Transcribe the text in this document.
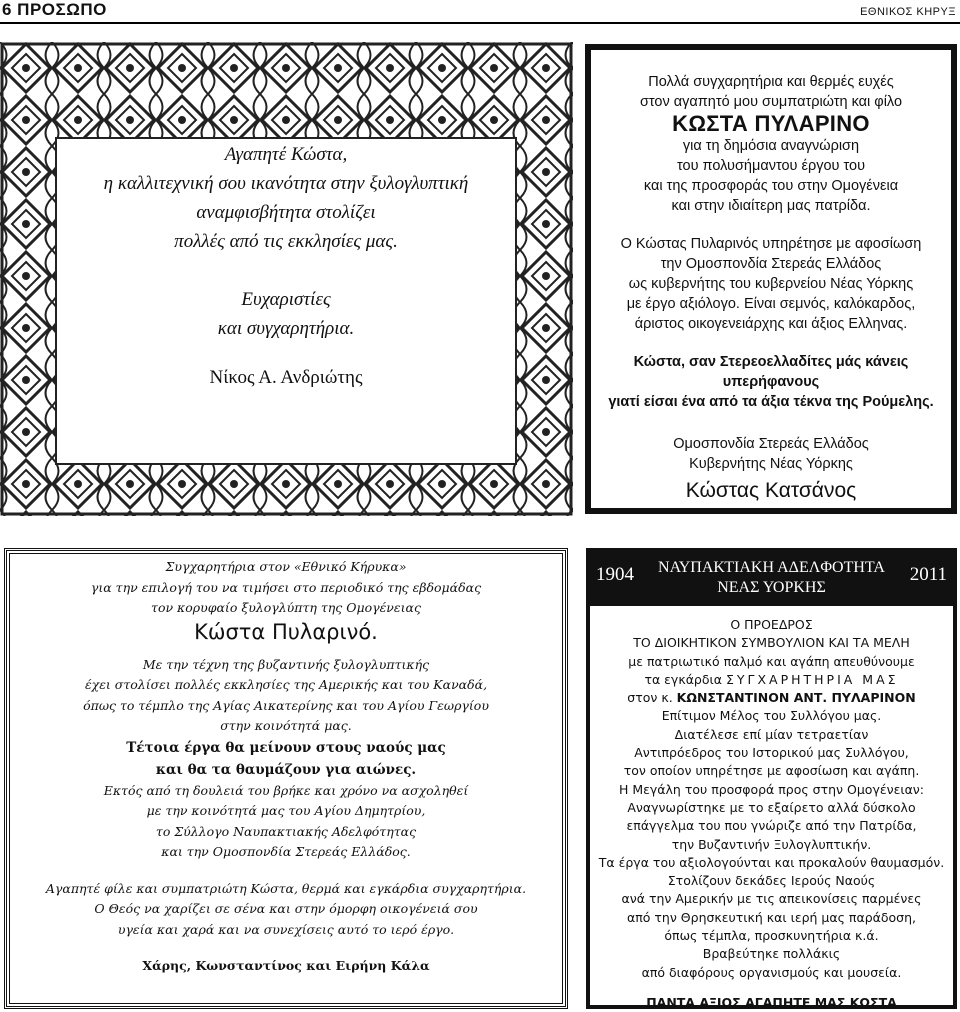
6 ΠΡΟΣΩΠΟ	ΕΘΝΙΚΟΣ ΚΗΡΥΞ
Αγαπητέ Κώστα,
η καλλιτεχνική σου ικανότητα στην ξυλογλυπτική
αναμφισβήτητα στολίζει
πολλές από τις εκκλησίες μας.
Ευχαριστίες
και συγχαρητήρια.
Νίκος Α. Ανδριώτης
Πολλά συγχαρητήρια και θερμές ευχές
στον αγαπητό μου συμπατριώτη και φίλο
ΚΩΣΤΑ ΠΥΛΑΡΙΝΟ
για τη δημόσια αναγνώριση
του πολυσήμαντου έργου του
και της προσφοράς του στην Ομογένεια
και στην ιδιαίτερη μας πατρίδα.
Ο Κώστας Πυλαρινός υπηρέτησε με αφοσίωση
την Ομοσπονδία Στερεάς Ελλάδος
ως κυβερνήτης του κυβερνείου Νέας Υόρκης
με έργο αξιόλογο. Είναι σεμνός, καλόκαρδος,
άριστος οικογενειάρχης και άξιος Ελληνας.
Κώστα, σαν Στερεοελλαδίτες μάς κάνεις υπερήφανους
γιατί είσαι ένα από τα άξια τέκνα της Ρούμελης.
Ομοσπονδία Στερεάς Ελλάδος
Κυβερνήτης Νέας Υόρκης
Κώστας Κατσάνος
Συγχαρητήρια στον «Εθνικό Κήρυκα»
για την επιλογή του να τιμήσει στο περιοδικό της εβδομάδας
τον κορυφαίο ξυλογλύπτη της Ομογένειας
Κώστα Πυλαρινό.
Με την τέχνη της βυζαντινής ξυλογλυπτικής
έχει στολίσει πολλές εκκλησίες της Αμερικής και του Καναδά,
όπως το τέμπλο της Αγίας Αικατερίνης και του Αγίου Γεωργίου
στην κοινότητά μας.
Τέτοια έργα θα μείνουν στους ναούς μας
και θα τα θαυμάζουν για αιώνες.
Εκτός από τη δουλειά του βρήκε και χρόνο να ασχοληθεί
με την κοινότητά μας του Αγίου Δημητρίου,
το Σύλλογο Ναυπακτιακής Αδελφότητας
και την Ομοσπονδία Στερεάς Ελλάδος.
Αγαπητέ φίλε και συμπατριώτη Κώστα, θερμά και εγκάρδια συγχαρητήρια.
Ο Θεός να χαρίζει σε σένα και στην όμορφη οικογένειά σου
υγεία και χαρά και να συνεχίσεις αυτό το ιερό έργο.
Χάρης, Κωνσταντίνος και Ειρήνη Κάλα
1904	ΝΑΥΠΑΚΤΙΑΚΗ ΑΔΕΛΦΟΤΗΤΑ
ΝΕΑΣ ΥΟΡΚΗΣ
2011
Ο ΠΡΟΕΔΡΟΣ
ΤΟ ΔΙΟΙΚΗΤΙΚΟΝ ΣΥΜΒΟΥΛΙΟΝ ΚΑΙ ΤΑ ΜΕΛΗ
με πατριωτικό παλμό και αγάπη απευθύνουμε
τα εγκάρδια ΣΥΓΧΑΡΗΤΗΡΙΑ ΜΑΣ
στον κ. ΚΩΝΣΤΑΝΤΙΝΟΝ ΑΝΤ. ΠΥΛΑΡΙΝΟΝ
Επίτιμον Μέλος του Συλλόγου μας.
Διατέλεσε επί μίαν τετραετίαν
Αντιπρόεδρος του Ιστορικού μας Συλλόγου,
τον οποίον υπηρέτησε με αφοσίωση και αγάπη.
Η Μεγάλη του προσφορά προς στην Ομογένειαν:
Αναγνωρίστηκε με το εξαίρετο αλλά δύσκολο
επάγγελμα του που γνώριζε από την Πατρίδα,
την Βυζαντινήν Ξυλογλυπτικήν.
Τα έργα του αξιολογούνται και προκαλούν θαυμασμόν.
Στολίζουν δεκάδες Ιερούς Ναούς
ανά την Αμερικήν με τις απεικονίσεις παρμένες
από την Θρησκευτική και ιερή μας παράδοση,
όπως τέμπλα, προσκυνητήρια κ.ά.
Βραβεύτηκε πολλάκις
από διαφόρους οργανισμούς και μουσεία.
ΠΑΝΤΑ ΑΞΙΟΣ ΑΓΑΠΗΤΕ ΜΑΣ ΚΩΣΤΑ
